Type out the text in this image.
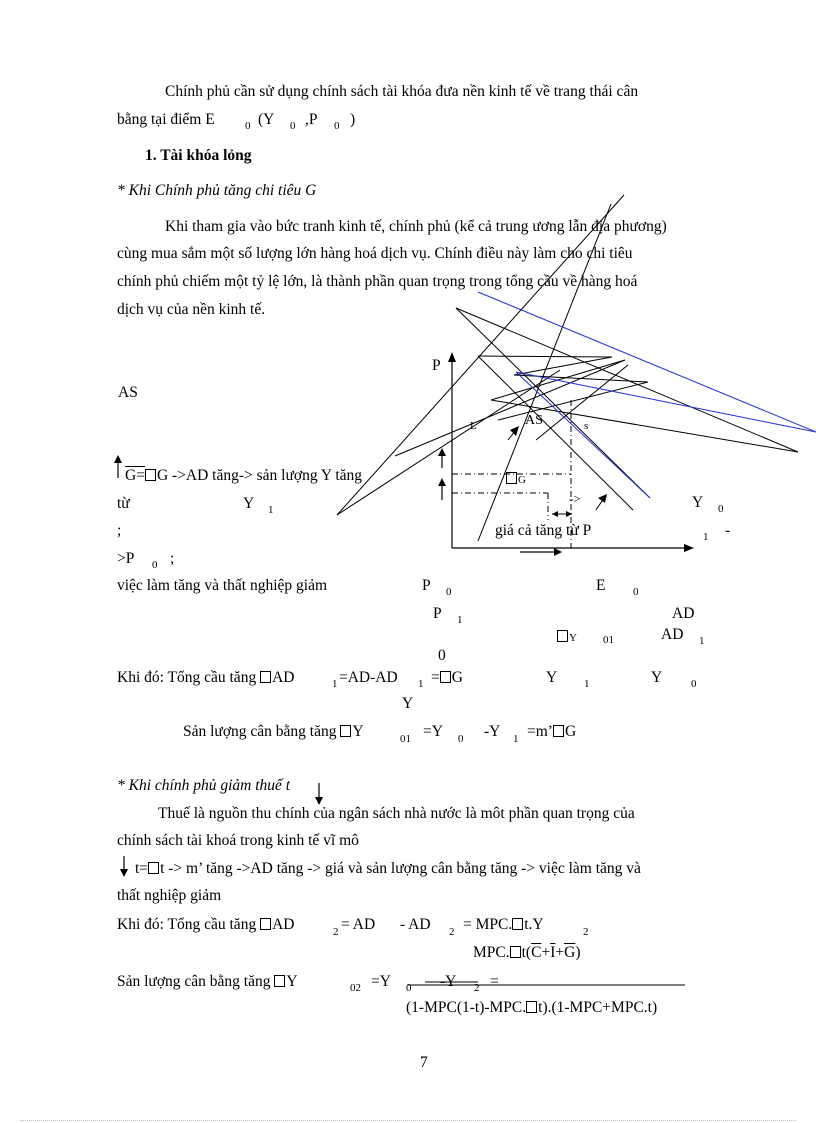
Chính phủ cần sử dụng chính sách tài khóa đưa nền kinh tế về trang thái cân
bằng tại điểm E	0 (Y 0 ,P 0 )
1. Tài khóa lỏng
* Khi Chính phủ tăng chi tiêu G
Khi tham gia vào bức tranh kinh tế, chính phủ (kể cả trung ương lẫn địa phương)
cùng mua sắm một số lượng lớn hàng hoá dịch vụ. Chính điều này làm cho chi tiêu
chính phủ chiếm một tỷ lệ lớn, là thành phần quan trọng trong tổng cầu về hàng hoá
dịch vụ của nền kinh tế.
P
AS
L	AS	s
G
->	Y 0
G= G ->AD tăng-> sản lượng Y tăng
từ	Y 1
;	giá cả tăng từ P	1 -
>P 0 ;
việc làm tăng và thất nghiệp giảm	P 0	E	0
P 1	AD
Y 01	AD 1
0
Khi đó: Tổng cầu tăng AD	1 =AD-AD 1 = G	Y 1	Y	0
Y
Sản lượng cân bằng tăng Y	01 =Y 0 -Y 1 =m’ G
* Khi chính phủ giảm thuế t
Thuế là nguồn thu chính của ngân sách nhà nước là môt phần quan trọng của
chính sách tài khoá trong kinh tế vĩ mô
t= t -> m’ tăng ->AD tăng -> giá và sản lượng cân bằng tăng -> việc làm tăng và
thất nghiệp giảm
Khi đó: Tổng cầu tăng AD	2 = AD - AD 2 = MPC. t.Y	2
MPC. $t(\overline{C}+\overline{I}+\overline{G})$
Sản lượng cân bằng tăng Y	02 =Y 0 -Y 2 =
(1-MPC(1-t)-MPC. t).(1-MPC+MPC.t)
7
